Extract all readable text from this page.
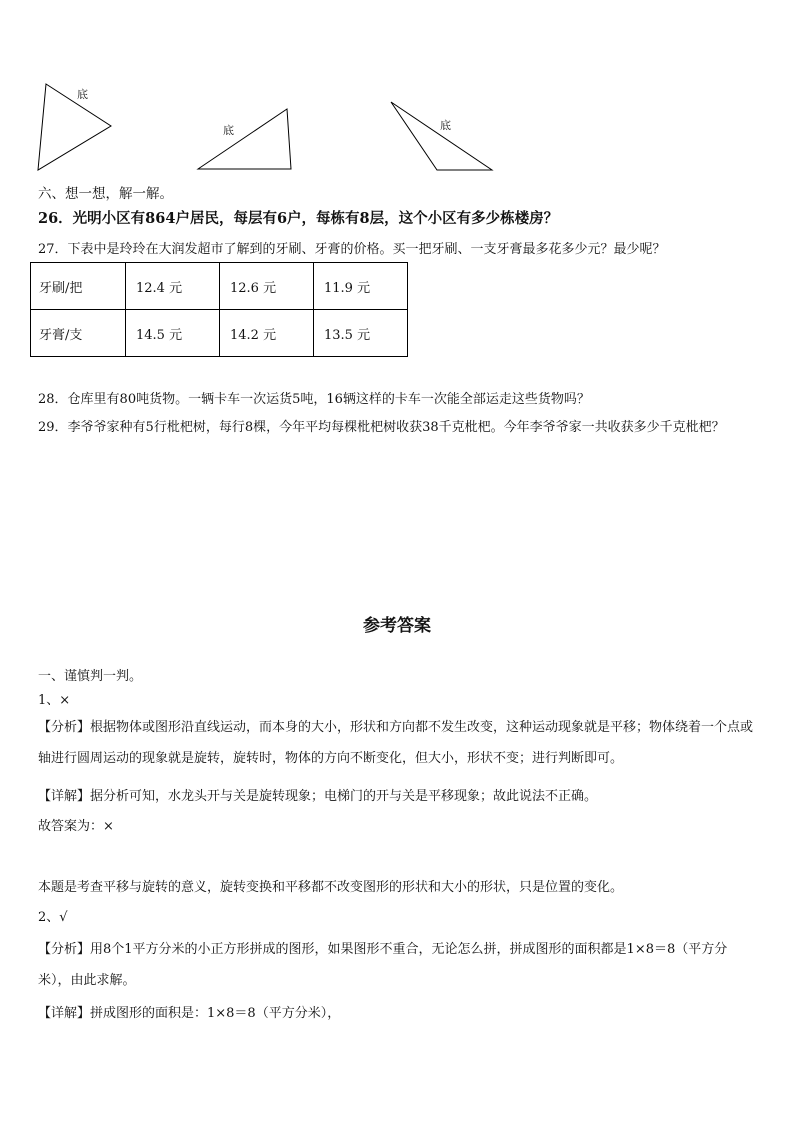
底
底	底
六、想一想，解一解。
26．光明小区有864户居民，每层有6户，每栋有8层，这个小区有多少栋楼房？
27．下表中是玲玲在大润发超市了解到的牙刷、牙膏的价格。买一把牙刷、一支牙膏最多花多少元？最少呢？
牙刷/把	12.4 元	12.6 元	11.9 元
牙膏/支	14.5 元	14.2 元	13.5 元
28．仓库里有80吨货物。一辆卡车一次运货5吨，16辆这样的卡车一次能全部运走这些货物吗？
29．李爷爷家种有5行枇杷树，每行8棵，今年平均每棵枇杷树收获38千克枇杷。今年李爷爷家一共收获多少千克枇杷？
参考答案
一、谨慎判一判。
1、×
【分析】根据物体或图形沿直线运动，而本身的大小，形状和方向都不发生改变，这种运动现象就是平移；物体绕着一个点或轴进行圆周运动的现象就是旋转，旋转时，物体的方向不断变化，但大小，形状不变；进行判断即可。
【详解】据分析可知，水龙头开与关是旋转现象；电梯门的开与关是平移现象；故此说法不正确。
故答案为：×
本题是考查平移与旋转的意义，旋转变换和平移都不改变图形的形状和大小的形状，只是位置的变化。
2、√
【分析】用8个1平方分米的小正方形拼成的图形，如果图形不重合，无论怎么拼，拼成图形的面积都是1×8＝8（平方分米），由此求解。
【详解】拼成图形的面积是：1×8＝8（平方分米），
